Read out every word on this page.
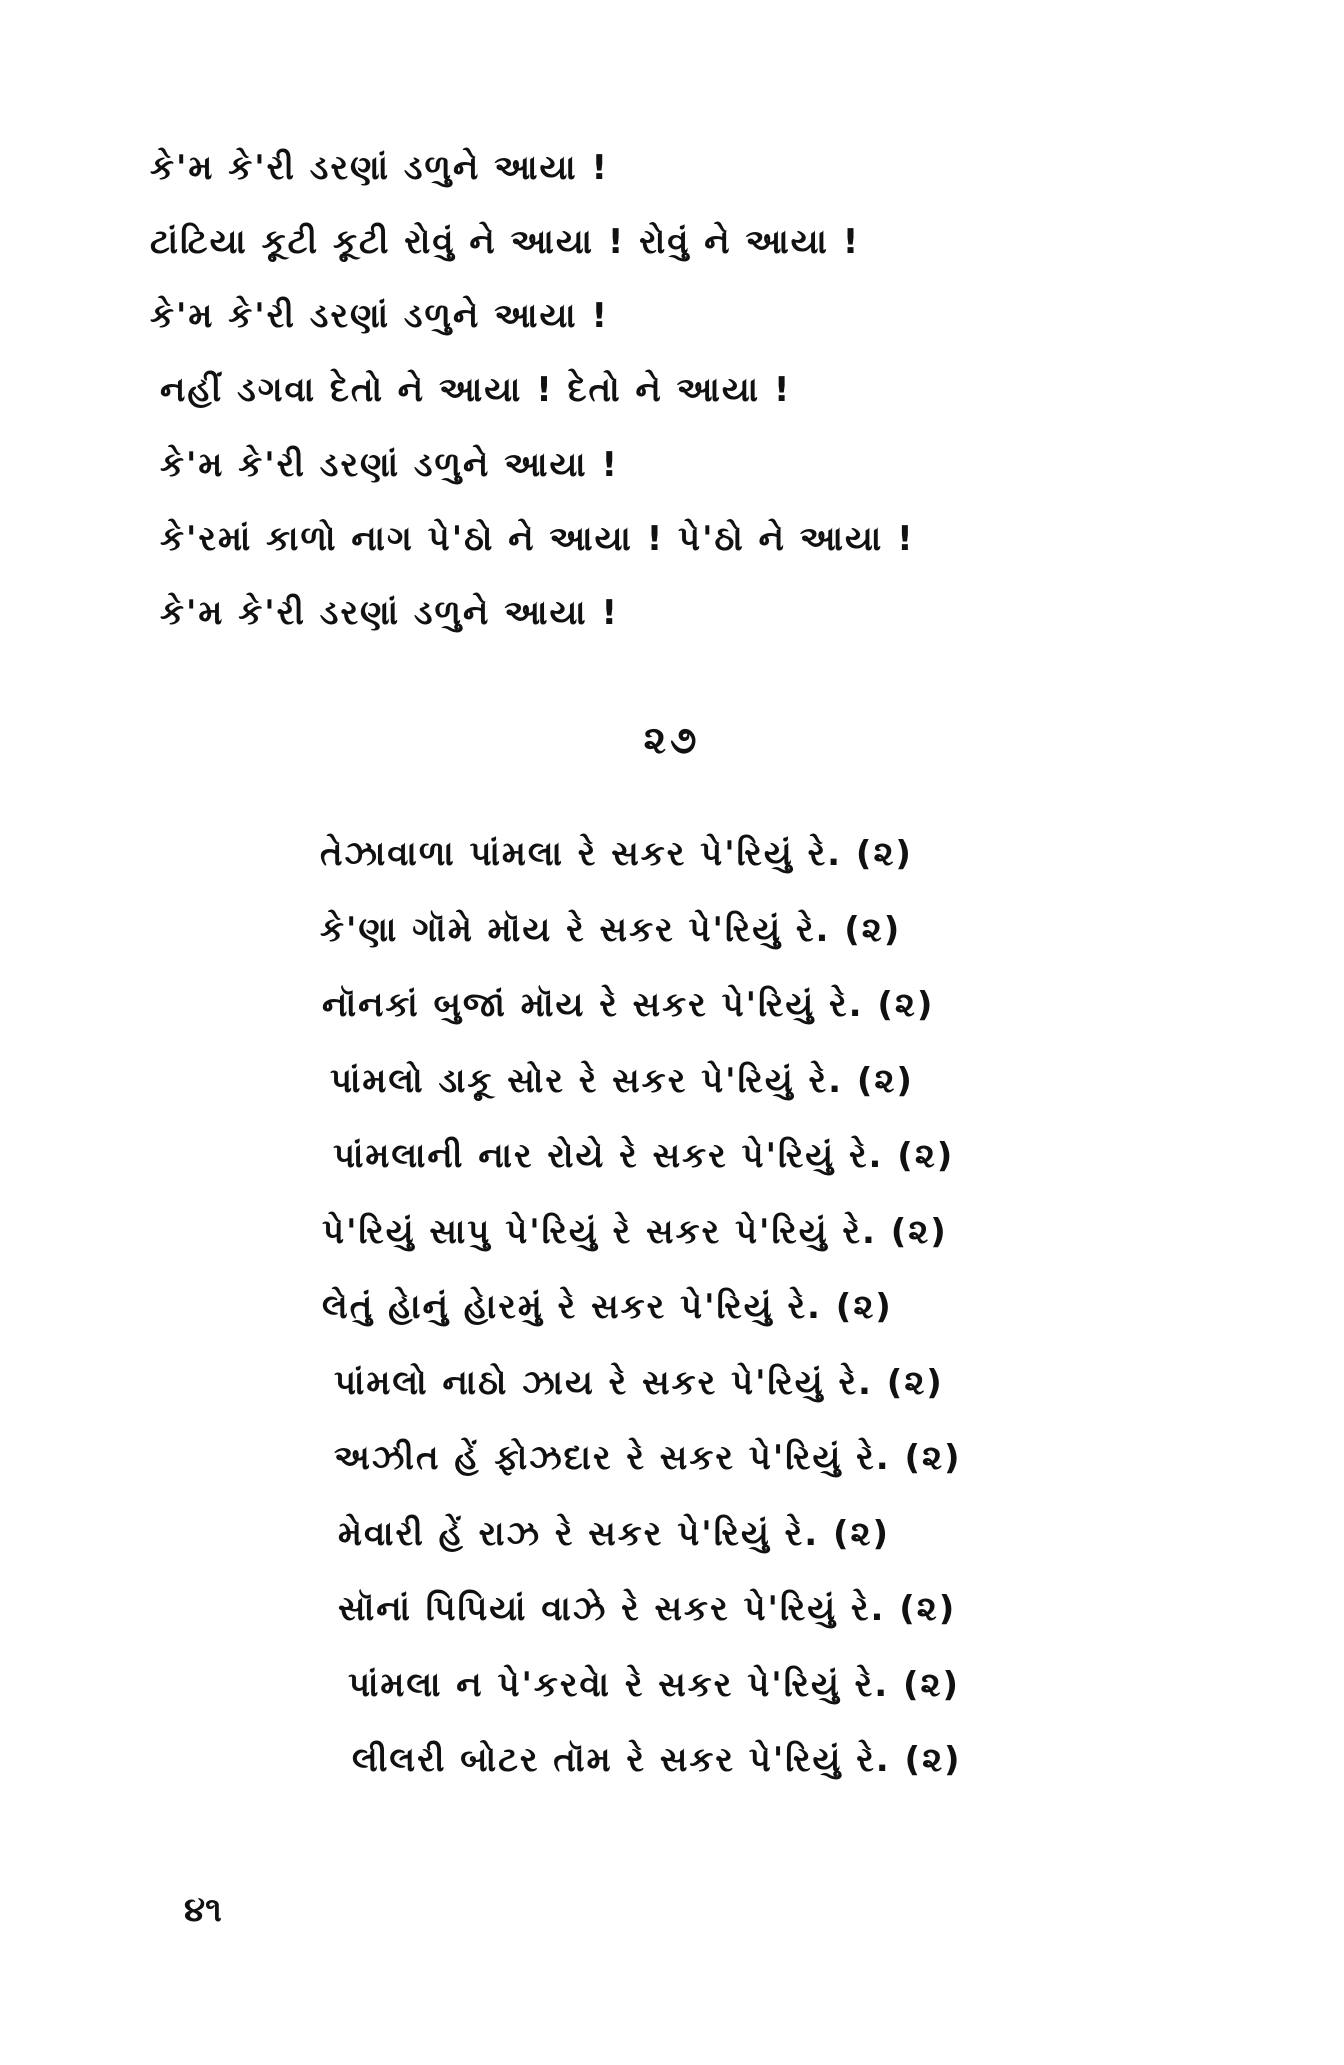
કે'મ કે'રી ડરણાં ડળુને આયા !
ટાંટિયા કૂટી કૂટી રોવું ને આયા ! રોવું ને આયા !
કે'મ કે'રી ડરણાં ડળુને આયા !
નહીં ડગવા દેતો ને આયા ! દેતો ને આયા !
કે'મ કે'રી ડરણાં ડળુને આયા !
કે'રમાં કાળો નાગ પે'ઠો ને આયા ! પે'ઠો ને આયા !
કે'મ કે'રી ડરણાં ડળુને આયા !
૨૭
તેઝાવાળા પાંમલા રે સકર પે'રિયું રે. (૨)
કે'ણા ગૉમે મૉય રે સકર પે'રિયું રે. (૨)
નૉનકાં બુજાં મૉય રે સકર પે'રિયું રે. (૨)
પાંમલો ડાકૂ સોર રે સકર પે'રિયું રે. (૨)
પાંમલાની નાર રોયે રે સકર પે'રિયું રે. (૨)
પે'રિયું સાપુ પે'રિયું રે સકર પે'રિયું રે. (૨)
લેતું હેાનું હેારમું રે સકર પે'રિયું રે. (૨)
પાંમલો નાઠો ઝાય રે સકર પે'રિયું રે. (૨)
અઝીત હેં ફોઝદાર રે સકર પે'રિયું રે. (૨)
મેવારી હેં રાઝ રે સકર પે'રિયું રે. (૨)
સૉનાં પિપિયાં વાઝે રે સકર પે'રિયું રે. (૨)
પાંમલા ન પે'કરવેા રે સકર પે'રિયું રે. (૨)
લીલરી બોટર તૉમ રે સકર પે'રિયું રે. (૨)
૪૧
